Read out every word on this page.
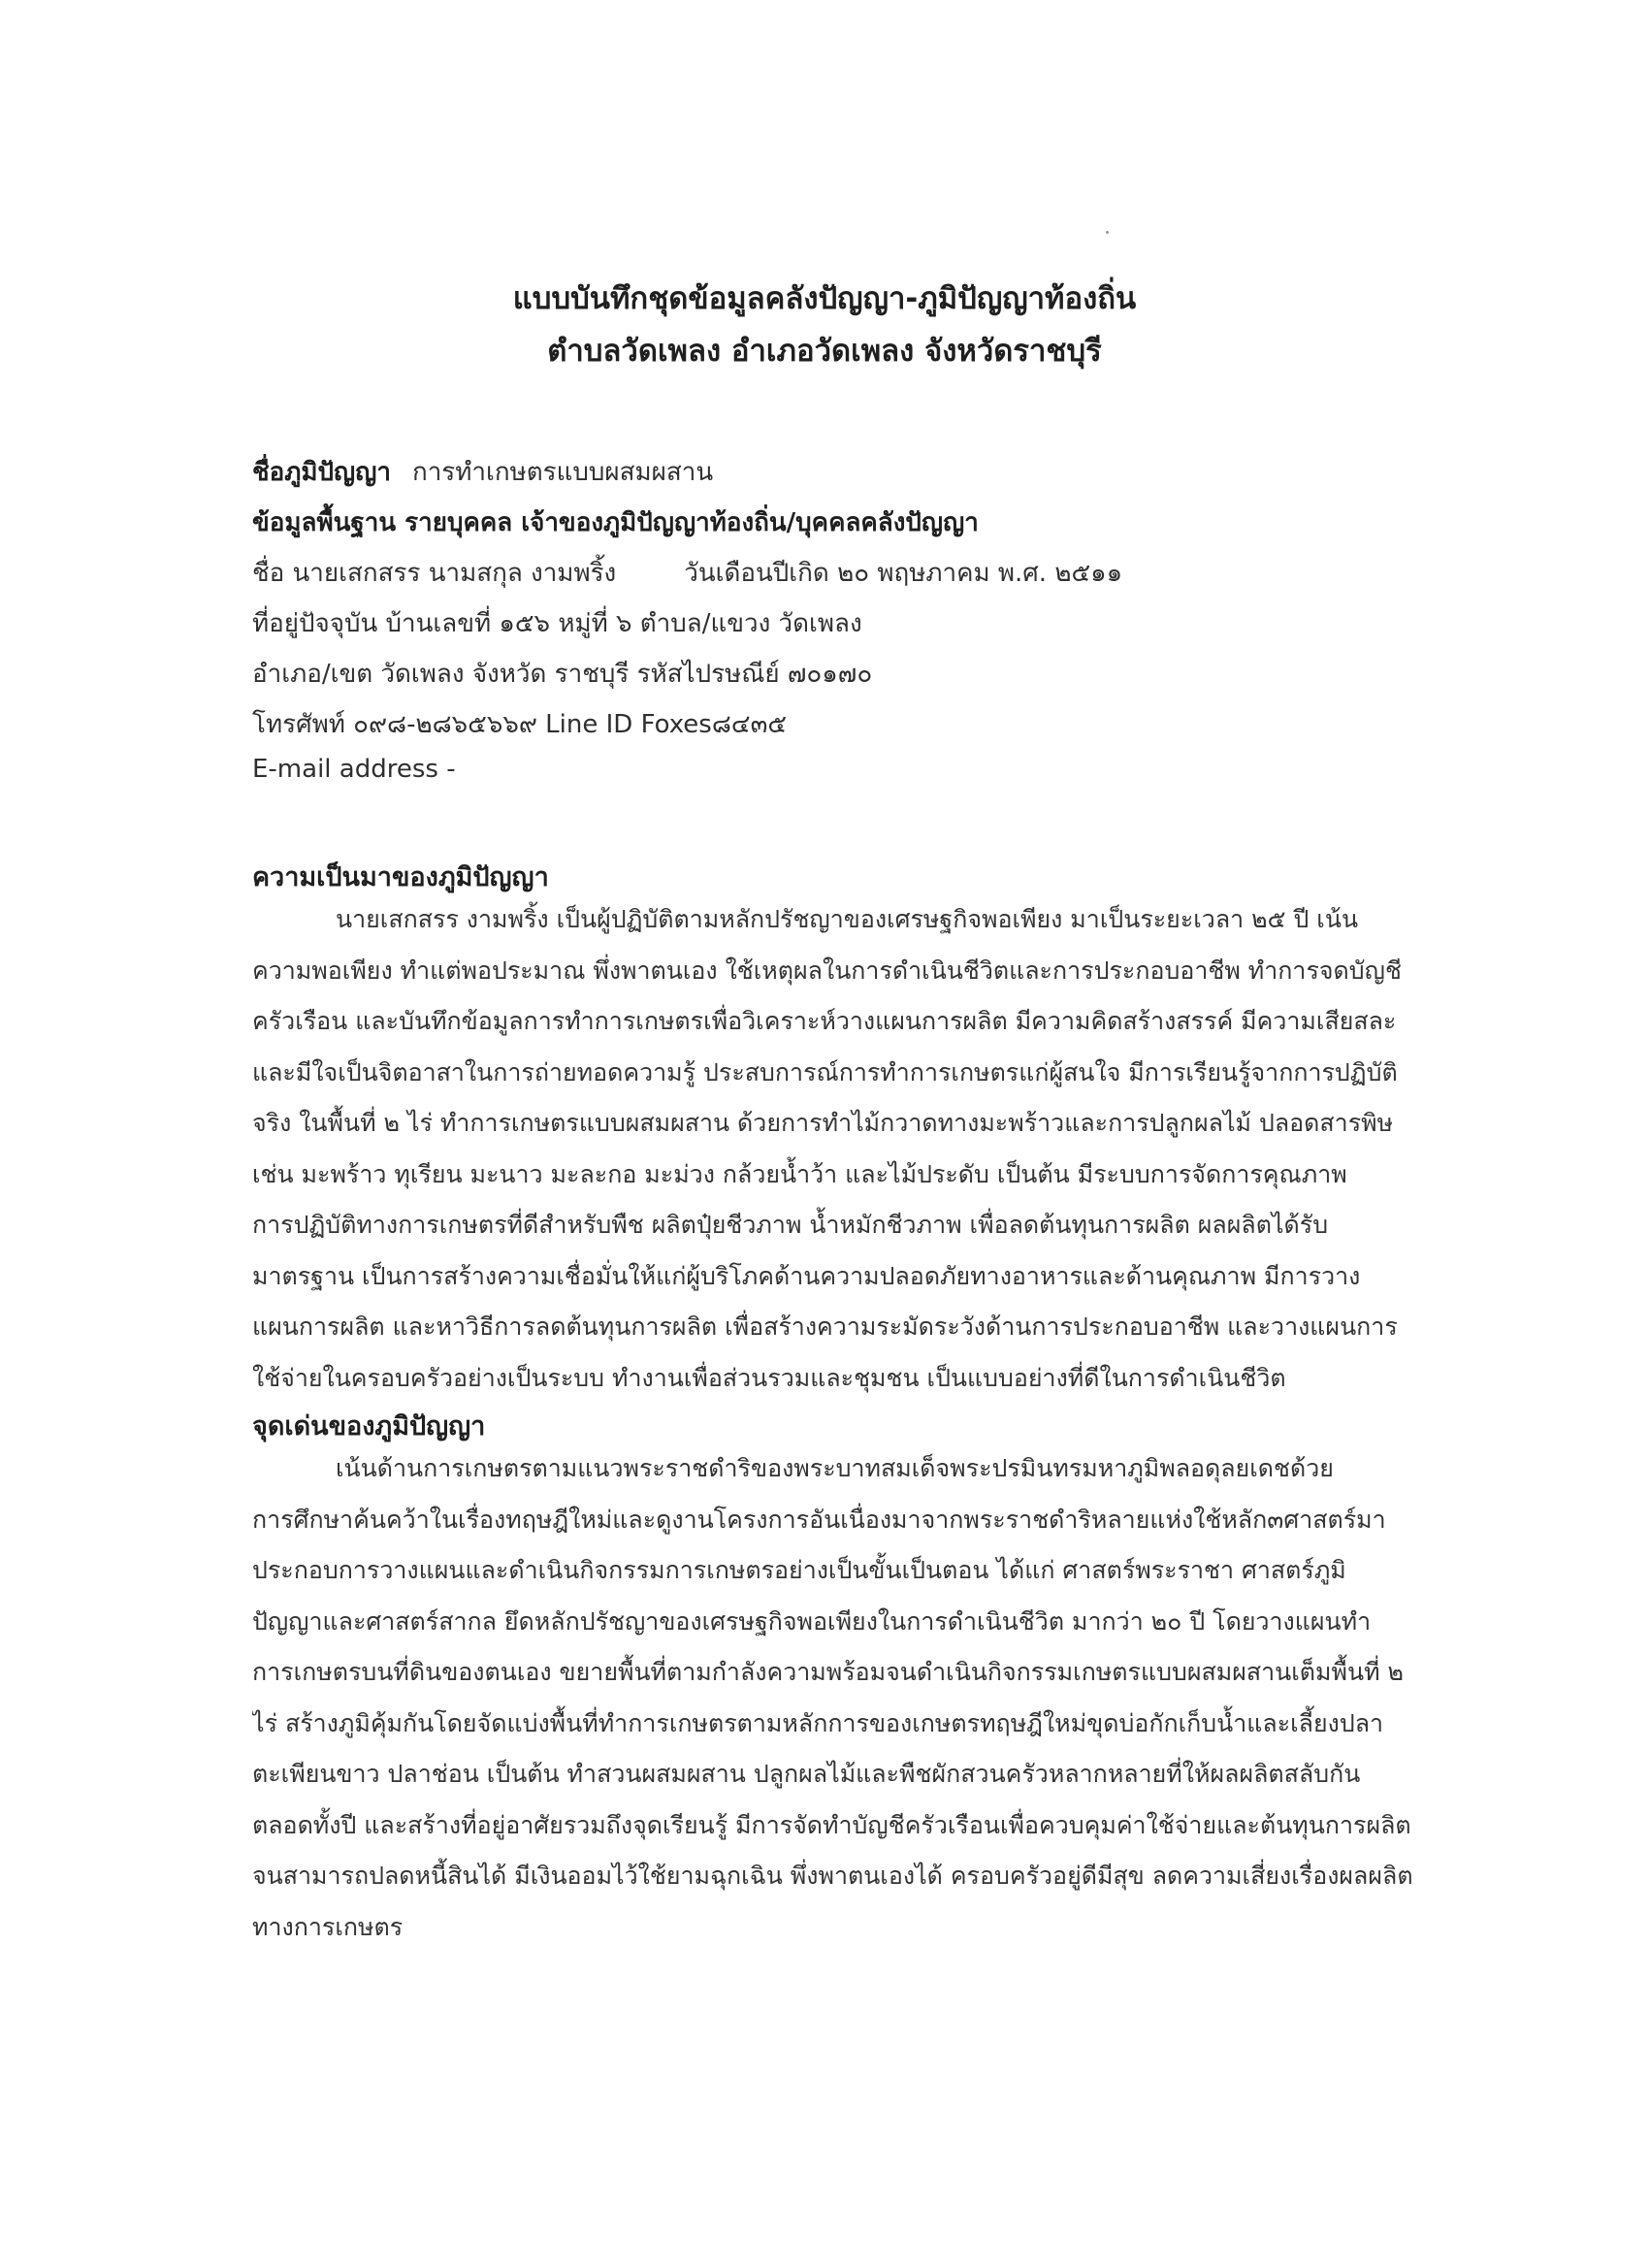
แบบบันทึกชุดข้อมูลคลังปัญญา-ภูมิปัญญาท้องถิ่น
ตำบลวัดเพลง อำเภอวัดเพลง จังหวัดราชบุรี
ชื่อภูมิปัญญา การทำเกษตรแบบผสมผสาน
ข้อมูลพื้นฐาน รายบุคคล เจ้าของภูมิปัญญาท้องถิ่น/บุคคลคลังปัญญา
ชื่อ นายเสกสรร นามสกุล งามพริ้ง	วันเดือนปีเกิด ๒๐ พฤษภาคม พ.ศ. ๒๕๑๑
ที่อยู่ปัจจุบัน บ้านเลขที่ ๑๕๖ หมู่ที่ ๖ ตำบล/แขวง วัดเพลง
อำเภอ/เขต วัดเพลง จังหวัด ราชบุรี รหัสไปรษณีย์ ๗๐๑๗๐
โทรศัพท์ ๐๙๘-๒๘๖๕๖๖๙ Line ID Foxes๘๔๓๕
E-mail address -
ความเป็นมาของภูมิปัญญา
นายเสกสรร งามพริ้ง เป็นผู้ปฏิบัติตามหลักปรัชญาของเศรษฐกิจพอเพียง มาเป็นระยะเวลา ๒๕ ปี เน้น
ความพอเพียง ทำแต่พอประมาณ พึ่งพาตนเอง ใช้เหตุผลในการดำเนินชีวิตและการประกอบอาชีพ ทำการจดบัญชี
ครัวเรือน และบันทึกข้อมูลการทำการเกษตรเพื่อวิเคราะห์วางแผนการผลิต มีความคิดสร้างสรรค์ มีความเสียสละ
และมีใจเป็นจิตอาสาในการถ่ายทอดความรู้ ประสบการณ์การทำการเกษตรแก่ผู้สนใจ มีการเรียนรู้จากการปฏิบัติ
จริง ในพื้นที่ ๒ ไร่ ทำการเกษตรแบบผสมผสาน ด้วยการทำไม้กวาดทางมะพร้าวและการปลูกผลไม้ ปลอดสารพิษ
เช่น มะพร้าว ทุเรียน มะนาว มะละกอ มะม่วง กล้วยน้ำว้า และไม้ประดับ เป็นต้น มีระบบการจัดการคุณภาพ
การปฏิบัติทางการเกษตรที่ดีสำหรับพืช ผลิตปุ๋ยชีวภาพ น้ำหมักชีวภาพ เพื่อลดต้นทุนการผลิต ผลผลิตได้รับ
มาตรฐาน เป็นการสร้างความเชื่อมั่นให้แก่ผู้บริโภคด้านความปลอดภัยทางอาหารและด้านคุณภาพ มีการวาง
แผนการผลิต และหาวิธีการลดต้นทุนการผลิต เพื่อสร้างความระมัดระวังด้านการประกอบอาชีพ และวางแผนการ
ใช้จ่ายในครอบครัวอย่างเป็นระบบ ทำงานเพื่อส่วนรวมและชุมชน เป็นแบบอย่างที่ดีในการดำเนินชีวิต
จุดเด่นของภูมิปัญญา
เน้นด้านการเกษตรตามแนวพระราชดำริของพระบาทสมเด็จพระปรมินทรมหาภูมิพลอดุลยเดชด้วย
การศึกษาค้นคว้าในเรื่องทฤษฎีใหม่และดูงานโครงการอันเนื่องมาจากพระราชดำริหลายแห่งใช้หลัก๓ศาสตร์มา
ประกอบการวางแผนและดำเนินกิจกรรมการเกษตรอย่างเป็นขั้นเป็นตอน ได้แก่ ศาสตร์พระราชา ศาสตร์ภูมิ
ปัญญาและศาสตร์สากล ยึดหลักปรัชญาของเศรษฐกิจพอเพียงในการดำเนินชีวิต มากว่า ๒๐ ปี โดยวางแผนทำ
การเกษตรบนที่ดินของตนเอง ขยายพื้นที่ตามกำลังความพร้อมจนดำเนินกิจกรรมเกษตรแบบผสมผสานเต็มพื้นที่ ๒
ไร่ สร้างภูมิคุ้มกันโดยจัดแบ่งพื้นที่ทำการเกษตรตามหลักการของเกษตรทฤษฎีใหม่ขุดบ่อกักเก็บน้ำและเลี้ยงปลา
ตะเพียนขาว ปลาช่อน เป็นต้น ทำสวนผสมผสาน ปลูกผลไม้และพืชผักสวนครัวหลากหลายที่ให้ผลผลิตสลับกัน
ตลอดทั้งปี และสร้างที่อยู่อาศัยรวมถึงจุดเรียนรู้ มีการจัดทำบัญชีครัวเรือนเพื่อควบคุมค่าใช้จ่ายและต้นทุนการผลิต
จนสามารถปลดหนี้สินได้ มีเงินออมไว้ใช้ยามฉุกเฉิน พึ่งพาตนเองได้ ครอบครัวอยู่ดีมีสุข ลดความเสี่ยงเรื่องผลผลิต
ทางการเกษตร
